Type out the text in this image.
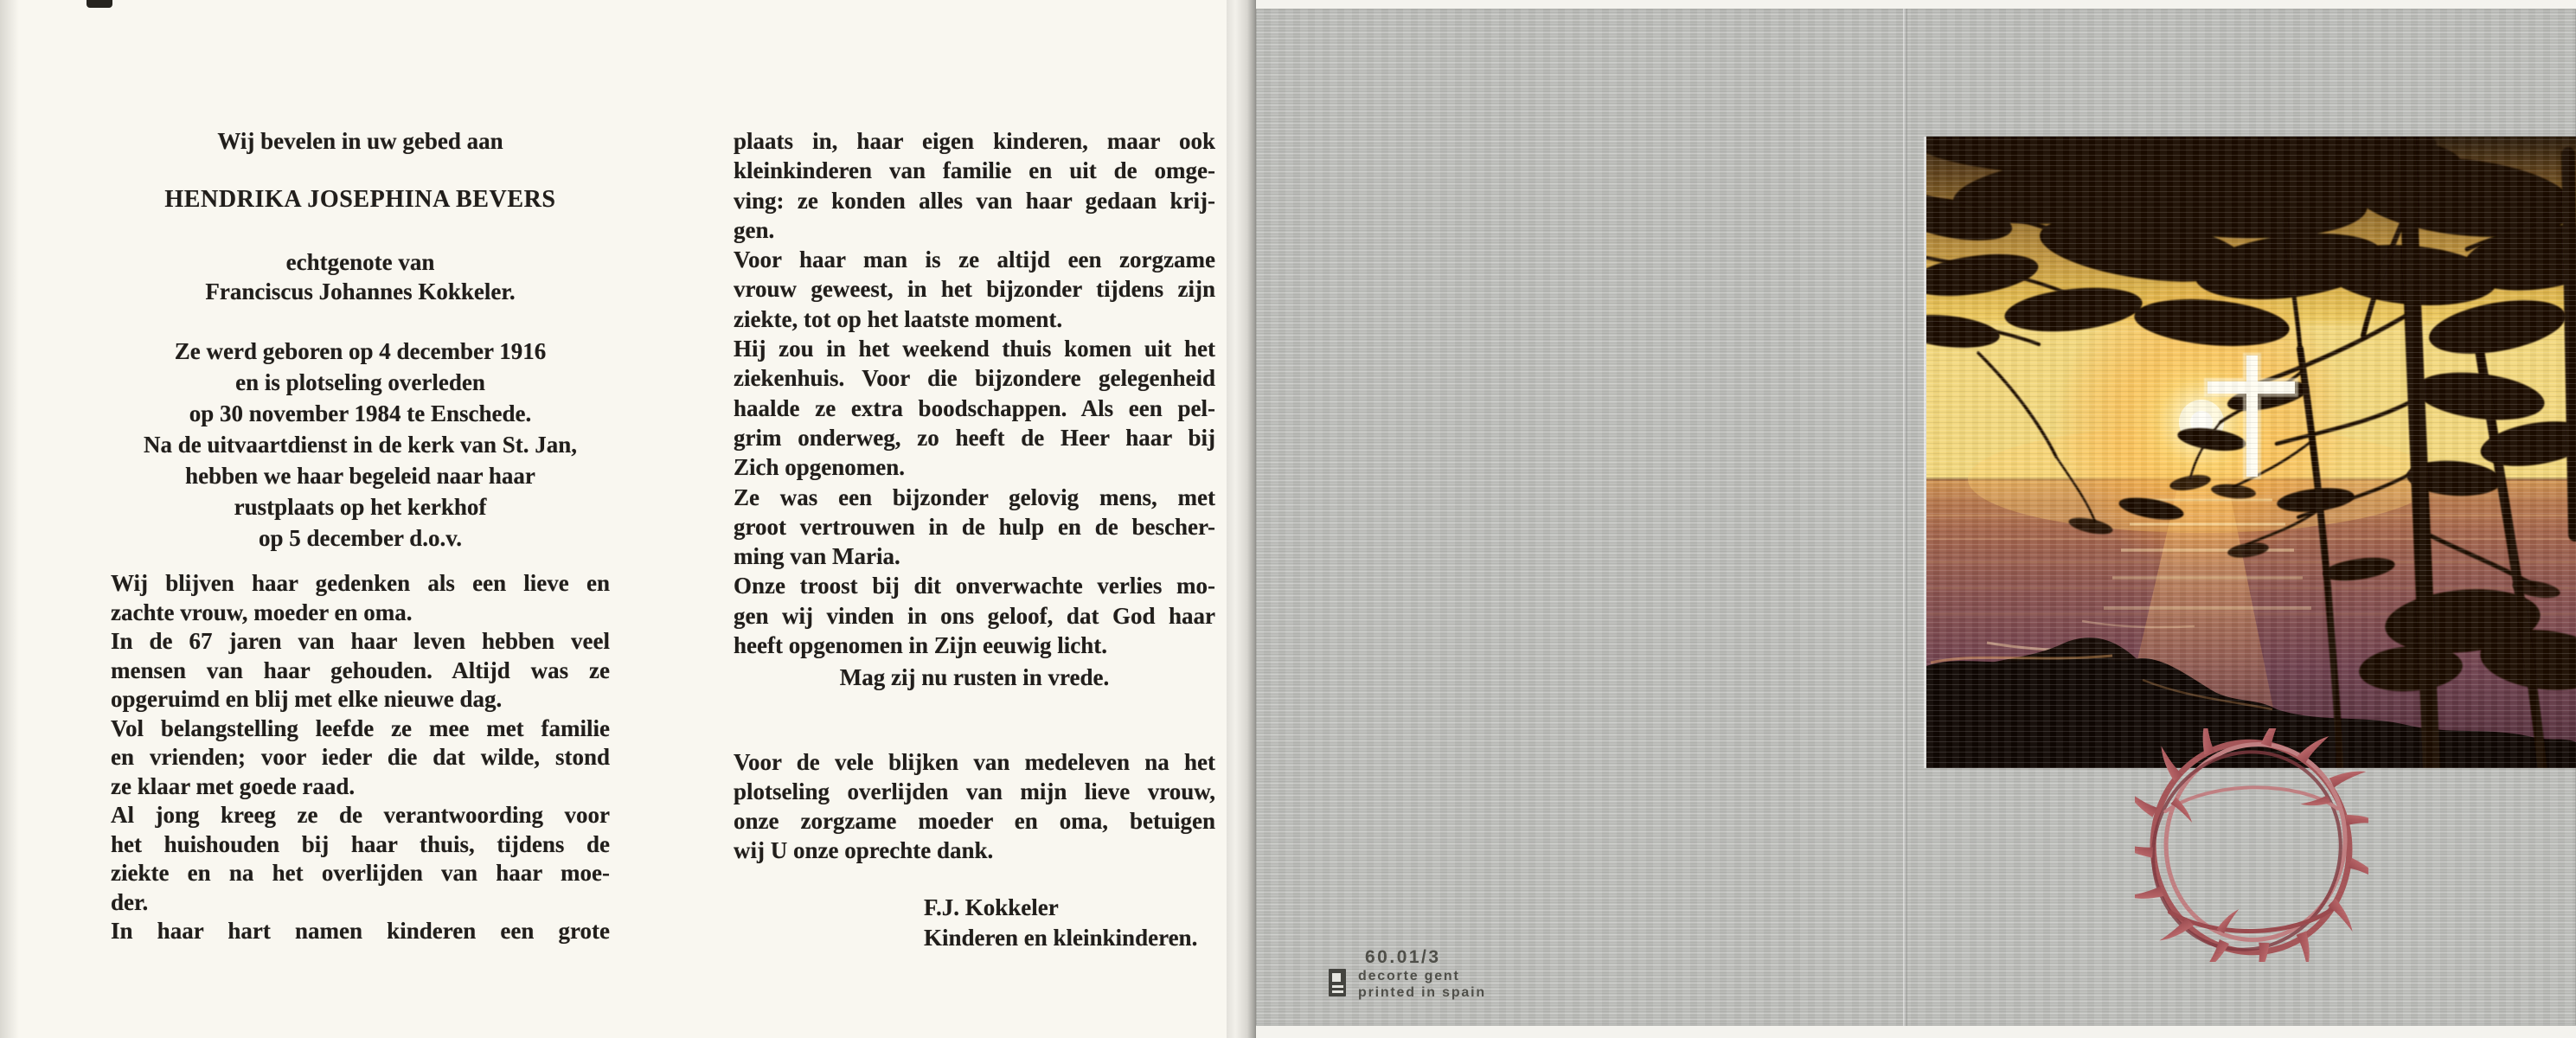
Wij bevelen in uw gebed aan
HENDRIKA JOSEPHINA BEVERS
echtgenote van
Franciscus Johannes Kokkeler.
Ze werd geboren op 4 december 1916
en is plotseling overleden
op 30 november 1984 te Enschede.
Na de uitvaartdienst in de kerk van St. Jan,
hebben we haar begeleid naar haar
rustplaats op het kerkhof
op 5 december d.o.v.
Wij blijven haar gedenken als een lieve en
zachte vrouw, moeder en oma.
In de 67 jaren van haar leven hebben veel
mensen van haar gehouden. Altijd was ze
opgeruimd en blij met elke nieuwe dag.
Vol belangstelling leefde ze mee met familie
en vrienden; voor ieder die dat wilde, stond
ze klaar met goede raad.
Al jong kreeg ze de verantwoording voor
het huishouden bij haar thuis, tijdens de
ziekte en na het overlijden van haar moe-
der.
In haar hart namen kinderen een grote
plaats in, haar eigen kinderen, maar ook
kleinkinderen van familie en uit de omge-
ving: ze konden alles van haar gedaan krij-
gen.
Voor haar man is ze altijd een zorgzame
vrouw geweest, in het bijzonder tijdens zijn
ziekte, tot op het laatste moment.
Hij zou in het weekend thuis komen uit het
ziekenhuis. Voor die bijzondere gelegenheid
haalde ze extra boodschappen. Als een pel-
grim onderweg, zo heeft de Heer haar bij
Zich opgenomen.
Ze was een bijzonder gelovig mens, met
groot vertrouwen in de hulp en de bescher-
ming van Maria.
Onze troost bij dit onverwachte verlies mo-
gen wij vinden in ons geloof, dat God haar
heeft opgenomen in Zijn eeuwig licht.
Mag zij nu rusten in vrede.
Voor de vele blijken van medeleven na het
plotseling overlijden van mijn lieve vrouw,
onze zorgzame moeder en oma, betuigen
wij U onze oprechte dank.
F.J. Kokkeler
Kinderen en kleinkinderen.
60.01/3
decorte gent
printed in spain
